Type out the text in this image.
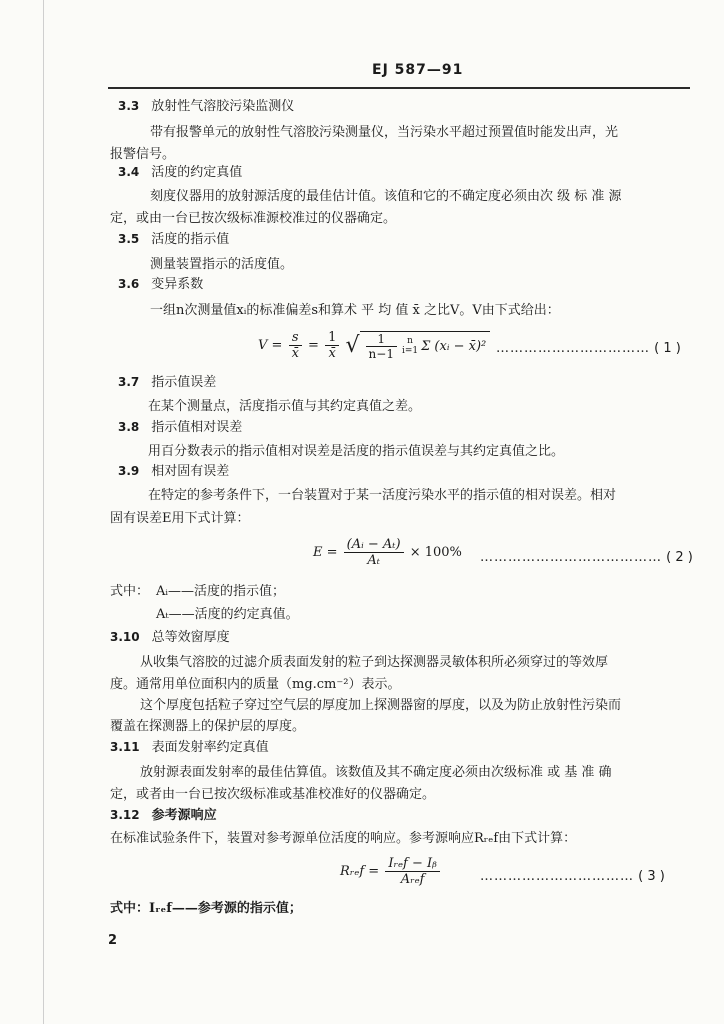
EJ 587—91
3.3 放射性气溶胶污染监测仪
带有报警单元的放射性气溶胶污染测量仪，当污染水平超过预置值时能发出声，光
报警信号。
3.4 活度的约定真值
刻度仪器用的放射源活度的最佳估计值。该值和它的不确定度必须由次 级 标 准 源
定，或由一台已按次级标准源校准过的仪器确定。
3.5 活度的指示值
测量装置指示的活度值。
3.6 变异系数
一组n次测量值xᵢ的标准偏差s和算术 平 均 值 x̄ 之比V。V由下式给出：
$V = \frac{s}{x̄} = \frac{1}{x̄}$ √ $\frac{1}{n-1}$	n
i=1 Σ (xᵢ − x̄)² …………………………… ( 1 )
3.7 指示值误差
在某个测量点，活度指示值与其约定真值之差。
3.8 指示值相对误差
用百分数表示的指示值相对误差是活度的指示值误差与其约定真值之比。
3.9 相对固有误差
在特定的参考条件下，一台装置对于某一活度污染水平的指示值的相对误差。相对
固有误差E用下式计算：
$E = \frac{\text{(Aᵢ − Aₜ)}}{\text{Aₜ}} \times 100\%$ ………………………………… ( 2 )
式中： Aᵢ——活度的指示值；
Aₜ——活度的约定真值。
3.10 总等效窗厚度
从收集气溶胶的过滤介质表面发射的粒子到达探测器灵敏体积所必须穿过的等效厚
度。通常用单位面积内的质量（mg.cm⁻²）表示。
这个厚度包括粒子穿过空气层的厚度加上探测器窗的厚度，以及为防止放射性污染而
覆盖在探测器上的保护层的厚度。
3.11 表面发射率约定真值
放射源表面发射率的最佳估算值。该数值及其不确定度必须由次级标准 或 基 准 确
定，或者由一台已按次级标准或基准校准好的仪器确定。
3.12 参考源响应
在标准试验条件下，装置对参考源单位活度的响应。参考源响应Rᵣₑf由下式计算：
Rᵣₑf = $\frac{\text{Iᵣₑf − Iᵦ}}{\text{Aᵣₑf}}$	…………………………… ( 3 )
式中：Iᵣₑf——参考源的指示值；
2
